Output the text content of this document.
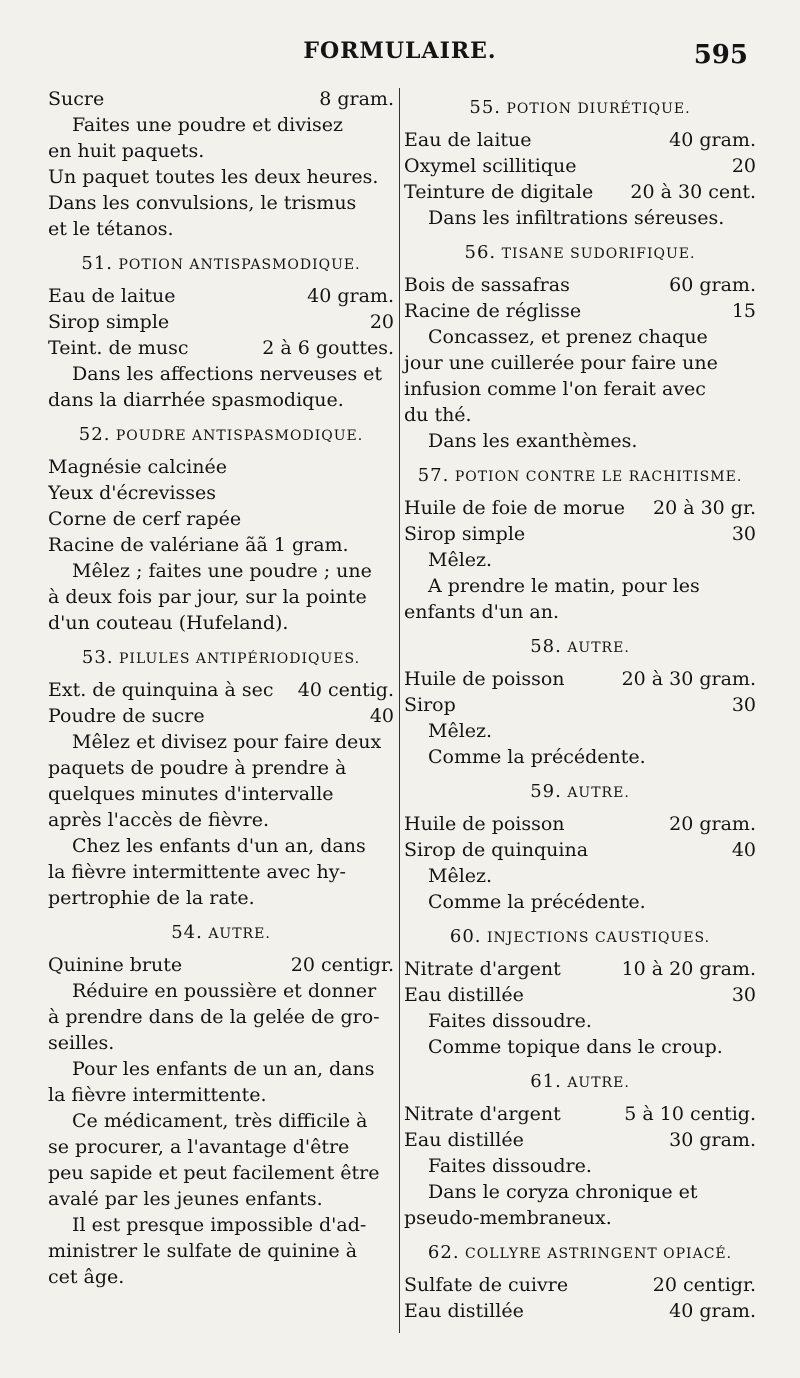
FORMULAIRE.	595
Sucre	8 gram.
Faites une poudre et divisez
en huit paquets.
Un paquet toutes les deux heures.
Dans les convulsions, le trismus
et le tétanos.
51. POTION ANTISPASMODIQUE.
Eau de laitue	40 gram.
Sirop simple	20
Teint. de musc	2 à 6 gouttes.
Dans les affections nerveuses et
dans la diarrhée spasmodique.
52. POUDRE ANTISPASMODIQUE.
Magnésie calcinée
Yeux d'écrevisses
Corne de cerf rapée
Racine de valériane ãã 1 gram.
Mêlez ; faites une poudre ; une
à deux fois par jour, sur la pointe
d'un couteau (Hufeland).
53. PILULES ANTIPÉRIODIQUES.
Ext. de quinquina à sec	40 centig.
Poudre de sucre	40
Mêlez et divisez pour faire deux
paquets de poudre à prendre à
quelques minutes d'intervalle
après l'accès de fièvre.
Chez les enfants d'un an, dans
la fièvre intermittente avec hy-
pertrophie de la rate.
54. AUTRE.
Quinine brute	20 centigr.
Réduire en poussière et donner
à prendre dans de la gelée de gro-
seilles.
Pour les enfants de un an, dans
la fièvre intermittente.
Ce médicament, très difficile à
se procurer, a l'avantage d'être
peu sapide et peut facilement être
avalé par les jeunes enfants.
Il est presque impossible d'ad-
ministrer le sulfate de quinine à
cet âge.
55. POTION DIURÉTIQUE.
Eau de laitue	40 gram.
Oxymel scillitique	20
Teinture de digitale	20 à 30 cent.
Dans les infiltrations séreuses.
56. TISANE SUDORIFIQUE.
Bois de sassafras	60 gram.
Racine de réglisse	15
Concassez, et prenez chaque
jour une cuillerée pour faire une
infusion comme l'on ferait avec
du thé.
Dans les exanthèmes.
57. POTION CONTRE LE RACHITISME.
Huile de foie de morue	20 à 30 gr.
Sirop simple	30
Mêlez.
A prendre le matin, pour les
enfants d'un an.
58. AUTRE.
Huile de poisson	20 à 30 gram.
Sirop	30
Mêlez.
Comme la précédente.
59. AUTRE.
Huile de poisson	20 gram.
Sirop de quinquina	40
Mêlez.
Comme la précédente.
60. INJECTIONS CAUSTIQUES.
Nitrate d'argent	10 à 20 gram.
Eau distillée	30
Faites dissoudre.
Comme topique dans le croup.
61. AUTRE.
Nitrate d'argent	5 à 10 centig.
Eau distillée	30 gram.
Faites dissoudre.
Dans le coryza chronique et
pseudo-membraneux.
62. COLLYRE ASTRINGENT OPIACÉ.
Sulfate de cuivre	20 centigr.
Eau distillée	40 gram.
